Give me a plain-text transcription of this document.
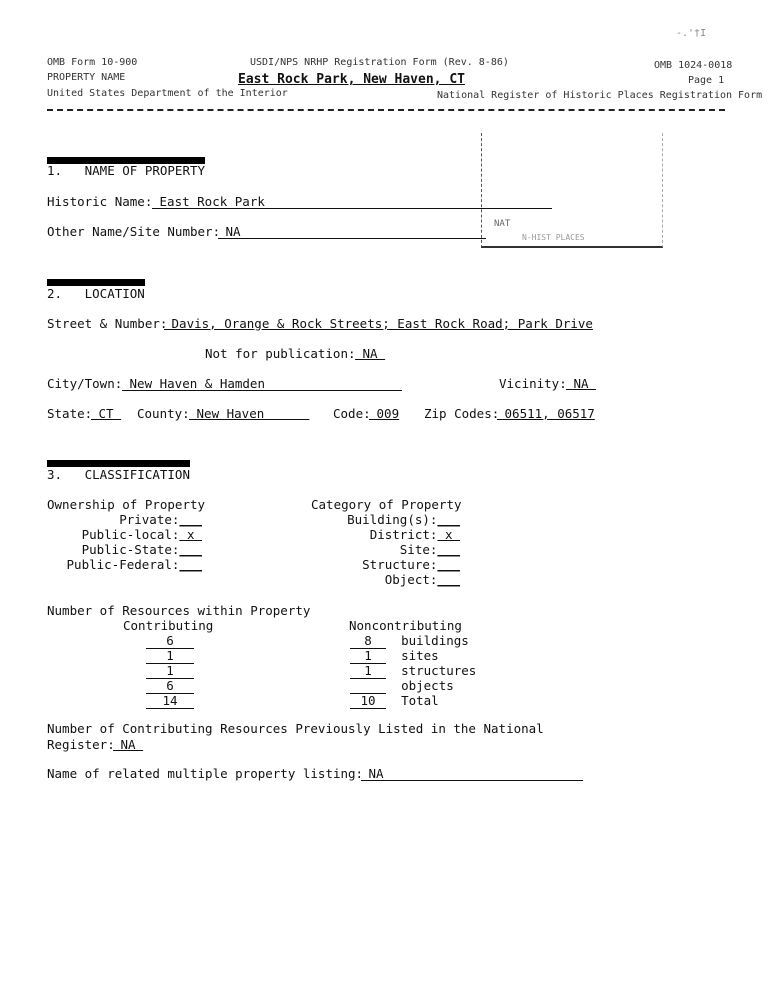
OMB Form 10-900
PROPERTY NAME
United States Department of the Interior
USDI/NPS NRHP Registration Form (Rev. 8-86)
East Rock Park, New Haven, CT
OMB 1024-0018
Page 1
National Register of Historic Places Registration Form
-.'†Ι
NAT
N-HIST PLACES
1.   NAME OF PROPERTY
Historic Name: East Rock Park
Other Name/Site Number:
NA
2.   LOCATION
Street & Number:
Davis, Orange & Rock Streets; East Rock Road; Park Drive
Not for publication: NA
City/Town: New Haven & Hamden	Vicinity: NA
State:
CT County: New Haven Code:
009 Zip Codes:
06511, 06517
3.   CLASSIFICATION
Ownership of Property
Private:___
Public-local: x
Public-State:___
Public-Federal:___
Category of Property
Building(s):___
District: x
Site:___
Structure:___
Object:___
Number of Resources within Property
Contributing	Noncontributing
6
1
1
6
14
8 buildings
1 sites
1 structures
objects
10 Total
Number of Contributing Resources Previously Listed in the National
Register:
NA
Name of related multiple property listing:
NA
